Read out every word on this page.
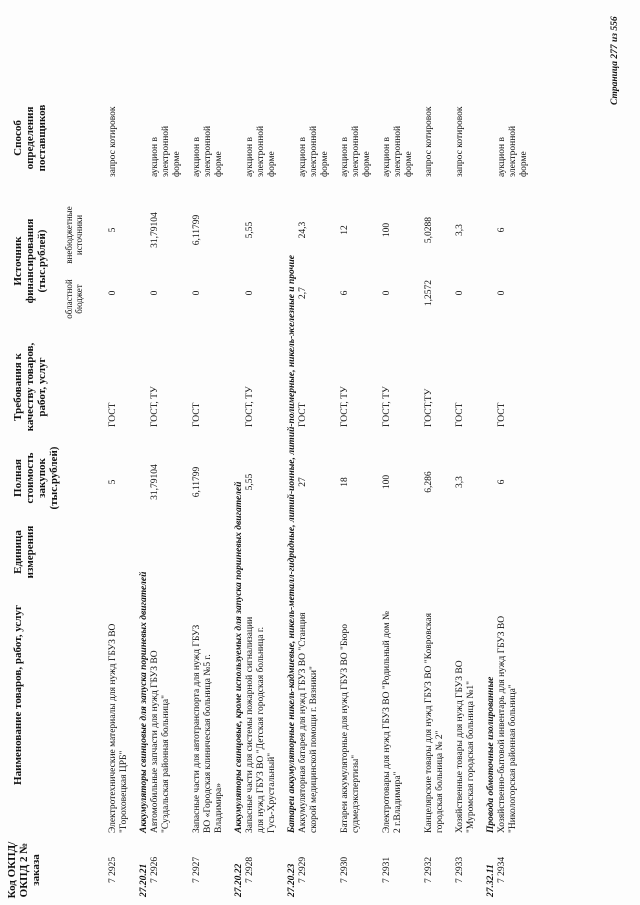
Код ОКПД/ ОКПД 2 № заказа
Наименование товаров, работ, услуг
Единица измерения
Полная стоимость закупок (тыс.рублей)
Требования к качеству товаров, работ, услуг
Источник финансирования (тыс.рублей)
областной бюджет
внебюджетные источники
Способ определения поставщиков
7 2925
Электротехнические материалы для нужд ГБУЗ ВО "Гороховецкая ЦРБ"
5
ГОСТ
0
5
запрос котировок
27.20.21
Аккумуляторы свинцовые для запуска поршневых двигателей
7 2926
Автомобильные запчасти для нужд ГБУЗ ВО "Суздальская районная больница"
31,79104
ГОСТ, ТУ
0
31,79104
аукцион в электронной форме
7 2927
Запасные части для автотранспорта для нужд ГБУЗ ВО «Городская клиническая больница №5 г. Владимира»
6,11799
ГОСТ
0
6,11799
аукцион в электронной форме
27.20.22
Аккумуляторы свинцовые, кроме используемых для запуска поршневых двигателей
7 2928
Запасные части для системы пожарной сигнализации для нужд ГБУЗ ВО "Детская городская больница г. Гусь-Хрустальный"
5,55
ГОСТ, ТУ
0
5,55
аукцион в электронной форме
27.20.23
Батареи аккумуляторные никель-кадмиевые, никель-металл-гидридные, литий-ионные, литий-полимерные, никель-железные и прочие
7 2929
Аккумуляторная батарея для нужд ГБУЗ ВО "Станция скорой медицинской помощи г. Вязники"
27
ГОСТ
2,7
24,3
аукцион в электронной форме
7 2930
Батареи аккумуляторные для нужд ГБУЗ ВО "Бюро судмедэкспертизы"
18
ГОСТ, ТУ
6
12
аукцион в электронной форме
7 2931
Электротовары для нужд ГБУЗ ВО "Родильный дом № 2 г.Владимира"
100
ГОСТ, ТУ
0
100
аукцион в электронной форме
7 2932
Канцелярские товары для нужд ГБУЗ ВО "Ковровская городская больница № 2"
6,286
ГОСТ,ТУ
1,2572
5,0288
запрос котировок
7 2933
Хозяйственные товары для нужд ГБУЗ ВО "Муромская городская больница №1"
3,3
ГОСТ
0
3,3
запрос котировок
27.32.11
Провода обмоточные изолированные
7 2934
Хозяйственно-бытовой инвентарь для нужд ГБУЗ ВО "Никологорская районная больница"
6
ГОСТ
0
6
аукцион в электронной форме
Страница 277 из 556
